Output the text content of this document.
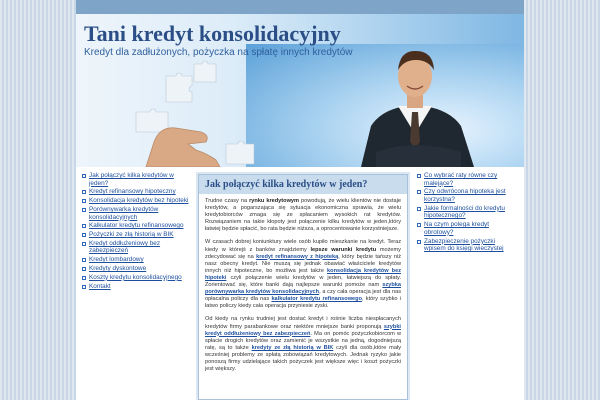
Tani kredyt konsolidacyjny
Kredyt dla zadłużonych, pożyczka na spłatę innych kredytów
Jak połączyć kilka kredytów w jeden?
Kredyt refinansowy hipoteczny
Konsolidacja kredytów bez hipoteki
Porównywarka kredytów konsolidacyjnych
Kalkulator kredytu refinansowego
Pożyczki ze złą historią w BIK
Kredyt oddłużeniowy bez zabezpieczeń
Kredyt lombardowy
Kredyty dyskontowe
Koszty kredytu konsolidacyjnego
Kontakt
Jak połączyć kilka kredytów w jeden?

Trudne czasy na rynku kredytowym powodują, że wielu klientów nie dostaje kredytów, a pogarszająca się sytuacja ekonomiczna sprawia, że wielu kredytobiorców zmaga się ze spłacaniem wysokich rat kredytów. Rozwiązaniem na takie kłopoty jest połączenie kilku kredytów w jeden,który łatwiej będzie spłacić, bo rata będzie niższa, a oprocentowanie korzystniejsze.

W czasach dobrej koniunktury wiele osób kupiło mieszkanie na kredyt. Teraz kiedy w którejś z banków znajdziemy lepsze warunki kredytu możemy zdecydować się na kredyt refinansowy z hipoteką, który będzie tańszy niż nasz obecny kredyt. Nie muszą się jednak obawiać właściciele kredytów innych niż hipoteczne, bo możliwa jest także konsolidacja kredytów bez hipoteki czyli połączenie wielu kredytów w jeden, łatwiejszą do spłaty. Zorientować się, które banki dają najlepsze warunki pomoże nam szybka porównywarka kredytów konsolidacyjnych, a czy cała operacja jest dla nas opłacalna policzy dla nas kalkulator kredytu refinansowego, który szybko i łatwo policzy kiedy cała operacja przyniesie zyski.

Od kiedy na rynku trudniej jest dostać kredyt i rośnie liczba niespłacanych kredytów firmy parabankowe oraz niektóre mniejsze banki proponują szybki kredyt oddłużeniowy bez zabezpieczeń. Ma on pomóc pożyczkobiorcom w spłacie drogich kredytów oraz zamienić je wszystkie na jedną, dogodniejszą ratę, są to także kredyty ze złą historią w BIK czyli dla osób,które mały wcześniej problemy ze spłatą zobowiązań kredytowych. Jednak ryzyko jakie ponoszą firmy udzielające takich pożyczek jest większe więc i koszt pożyczki jest większy.

Co wybrać raty równe czy malejące?
Czy odwrócona hipoteka jest korzystna?
Jakie formalności do kredytu hipotecznego?
Na czym polega kredyt obrotowy?
Zabezpieczenie pożyczki wpisem do księgi wieczystej
